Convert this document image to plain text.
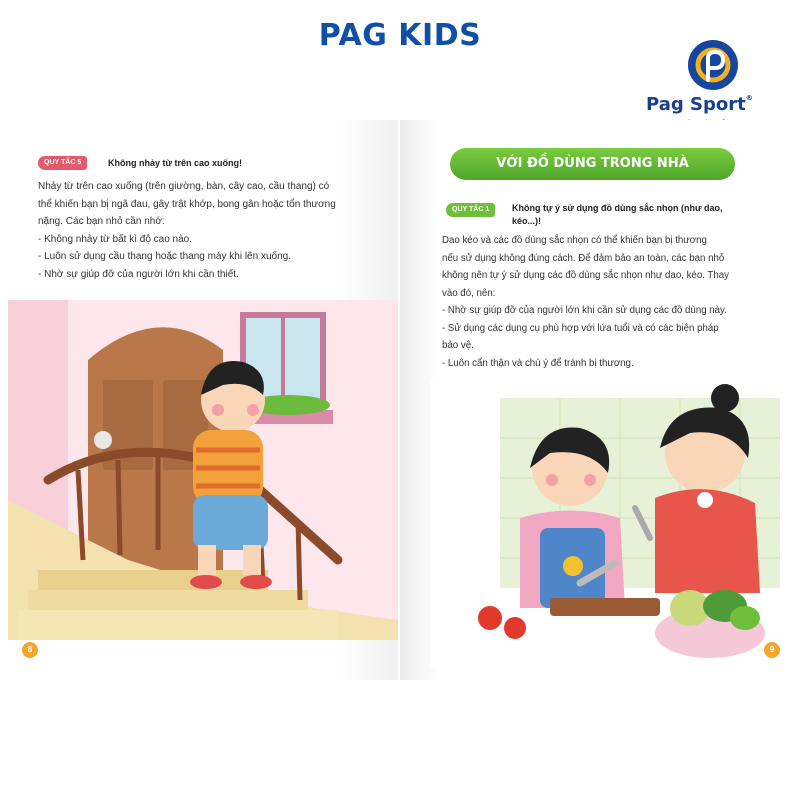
PAG KIDS
Pag Sport®
QUY TẮC 5	Không nhảy từ trên cao xuống!
Nhảy từ trên cao xuống (trên giường, bàn, cây cao, cầu thang) có
thể khiến bạn bị ngã đau, gây trật khớp, bong gân hoặc tổn thương
nặng. Các bạn nhỏ cần nhớ:
- Không nhảy từ bất kì độ cao nào.
- Luôn sử dụng cầu thang hoặc thang máy khi lên xuống.
- Nhờ sự giúp đỡ của người lớn khi cần thiết.
8
VỚI ĐỒ DÙNG TRONG NHÀ
QUY TẮC 1	Không tự ý sử dụng đồ dùng sắc nhọn (như dao,
kéo...)!
Dao kéo và các đồ dùng sắc nhọn có thể khiến bạn bị thương
nếu sử dụng không đúng cách. Để đảm bảo an toàn, các bạn nhỏ
không nên tự ý sử dụng các đồ dùng sắc nhọn như dao, kéo. Thay
vào đó, nên:
- Nhờ sự giúp đỡ của người lớn khi cần sử dụng các đồ dùng này.
- Sử dụng các dụng cụ phù hợp với lứa tuổi và có các biện pháp
bảo vệ.
- Luôn cẩn thận và chú ý để tránh bị thương.
9
